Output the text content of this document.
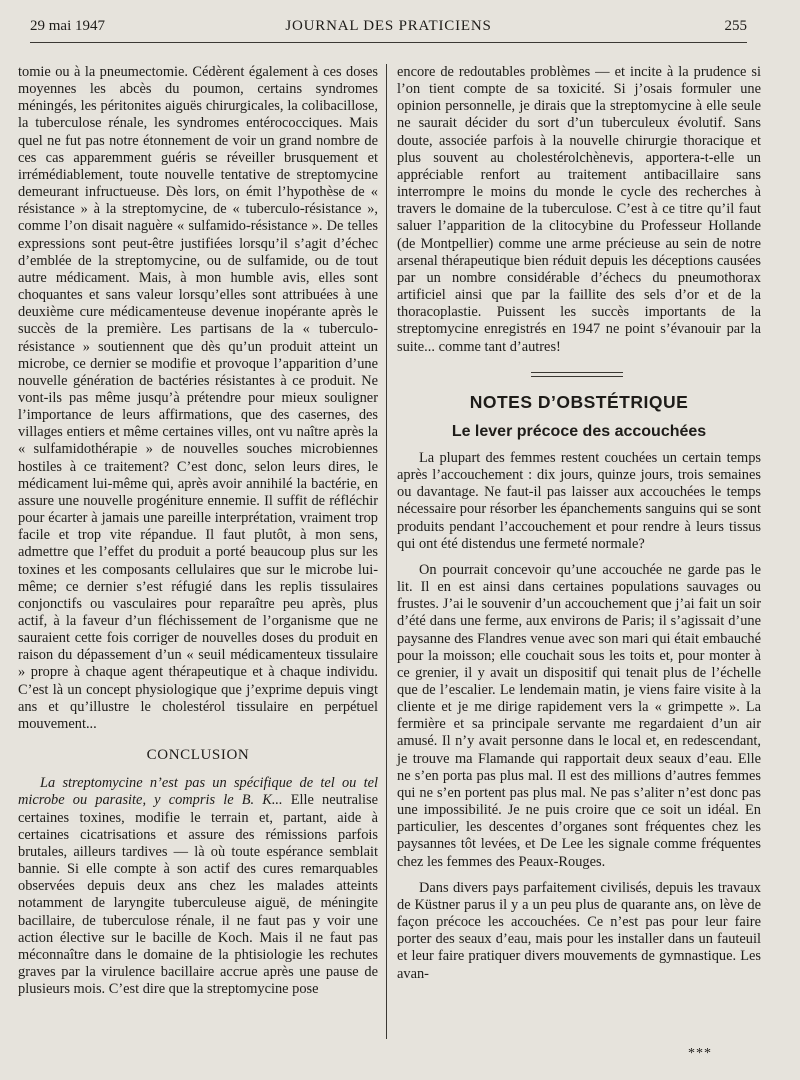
29 mai 1947	JOURNAL DES PRATICIENS	255

tomie ou à la pneumectomie. Cédèrent également à ces doses moyennes les abcès du poumon, certains syndromes méningés, les péritonites aiguës chirurgicales, la colibacillose, la tuberculose rénale, les syndromes entérococciques. Mais quel ne fut pas notre étonnement de voir un grand nombre de ces cas apparemment guéris se réveiller brusquement et irrémédiablement, toute nouvelle tentative de streptomycine demeurant infructueuse. Dès lors, on émit l’hypothèse de « résistance » à la streptomycine, de « tuberculo-résistance », comme l’on disait naguère « sulfamido-résistance ». De telles expressions sont peut-être justifiées lorsqu’il s’agit d’échec d’emblée de la streptomycine, ou de sulfamide, ou de tout autre médicament. Mais, à mon humble avis, elles sont choquantes et sans valeur lorsqu’elles sont attribuées à une deuxième cure médicamenteuse devenue inopérante après le succès de la première. Les partisans de la « tuberculo-résistance » soutiennent que dès qu’un produit atteint un microbe, ce dernier se modifie et provoque l’apparition d’une nouvelle génération de bactéries résistantes à ce produit. Ne vont-ils pas même jusqu’à prétendre pour mieux souligner l’importance de leurs affirmations, que des casernes, des villages entiers et même certaines villes, ont vu naître après la « sulfamidothérapie » de nouvelles souches microbiennes hostiles à ce traitement? C’est donc, selon leurs dires, le médicament lui-même qui, après avoir annihilé la bactérie, en assure une nouvelle progéniture ennemie. Il suffit de réfléchir pour écarter à jamais une pareille interprétation, vraiment trop facile et trop vite répandue. Il faut plutôt, à mon sens, admettre que l’effet du produit a porté beaucoup plus sur les toxines et les composants cellulaires que sur le microbe lui-même; ce dernier s’est réfugié dans les replis tissulaires conjonctifs ou vasculaires pour reparaître peu après, plus actif, à la faveur d’un fléchissement de l’organisme que ne sauraient cette fois corriger de nouvelles doses du produit en raison du dépassement d’un « seuil médicamenteux tissulaire » propre à chaque agent thérapeutique et à chaque individu. C’est là un concept physiologique que j’exprime depuis vingt ans et qu’illustre le cholestérol tissulaire en perpétuel mouvement...

CONCLUSION

La streptomycine n’est pas un spécifique de tel ou tel microbe ou parasite, y compris le B. K... Elle neutralise certaines toxines, modifie le terrain et, partant, aide à certaines cicatrisations et assure des rémissions parfois brutales, ailleurs tardives — là où toute espérance semblait bannie. Si elle compte à son actif des cures remarquables observées depuis deux ans chez les malades atteints notamment de laryngite tuberculeuse aiguë, de méningite bacillaire, de tuberculose rénale, il ne faut pas y voir une action élective sur le bacille de Koch. Mais il ne faut pas méconnaître dans le domaine de la phtisiologie les rechutes graves par la virulence bacillaire accrue après une pause de plusieurs mois. C’est dire que la streptomycine pose

encore de redoutables problèmes — et incite à la prudence si l’on tient compte de sa toxicité. Si j’osais formuler une opinion personnelle, je dirais que la streptomycine à elle seule ne saurait décider du sort d’un tuberculeux évolutif. Sans doute, associée parfois à la nouvelle chirurgie thoracique et plus souvent au cholestérolchènevis, apportera-t-elle un appréciable renfort au traitement antibacillaire sans interrompre le moins du monde le cycle des recherches à travers le domaine de la tuberculose. C’est à ce titre qu’il faut saluer l’apparition de la clitocybine du Professeur Hollande (de Montpellier) comme une arme précieuse au sein de notre arsenal thérapeutique bien réduit depuis les déceptions causées par un nombre considérable d’échecs du pneumothorax artificiel ainsi que par la faillite des sels d’or et de la thoracoplastie. Puissent les succès importants de la streptomycine enregistrés en 1947 ne point s’évanouir par la suite... comme tant d’autres!

NOTES D’OBSTÉTRIQUE
Le lever précoce des accouchées

La plupart des femmes restent couchées un certain temps après l’accouchement : dix jours, quinze jours, trois semaines ou davantage. Ne faut-il pas laisser aux accouchées le temps nécessaire pour résorber les épanchements sanguins qui se sont produits pendant l’accouchement et pour rendre à leurs tissus qui ont été distendus une fermeté normale?

On pourrait concevoir qu’une accouchée ne garde pas le lit. Il en est ainsi dans certaines populations sauvages ou frustes. J’ai le souvenir d’un accouchement que j’ai fait un soir d’été dans une ferme, aux environs de Paris; il s’agissait d’une paysanne des Flandres venue avec son mari qui était embauché pour la moisson; elle couchait sous les toits et, pour monter à ce grenier, il y avait un dispositif qui tenait plus de l’échelle que de l’escalier. Le lendemain matin, je viens faire visite à la cliente et je me dirige rapidement vers la « grimpette ». La fermière et sa principale servante me regardaient d’un air amusé. Il n’y avait personne dans le local et, en redescendant, je trouve ma Flamande qui rapportait deux seaux d’eau. Elle ne s’en porta pas plus mal. Il est des millions d’autres femmes qui ne s’en portent pas plus mal. Ne pas s’aliter n’est donc pas une impossibilité. Je ne puis croire que ce soit un idéal. En particulier, les descentes d’organes sont fréquentes chez les paysannes tôt levées, et De Lee les signale comme fréquentes chez les femmes des Peaux-Rouges.

Dans divers pays parfaitement civilisés, depuis les travaux de Küstner parus il y a un peu plus de quarante ans, on lève de façon précoce les accouchées. Ce n’est pas pour leur faire porter des seaux d’eau, mais pour les installer dans un fauteuil et leur faire pratiquer divers mouvements de gymnastique. Les avan-

***
